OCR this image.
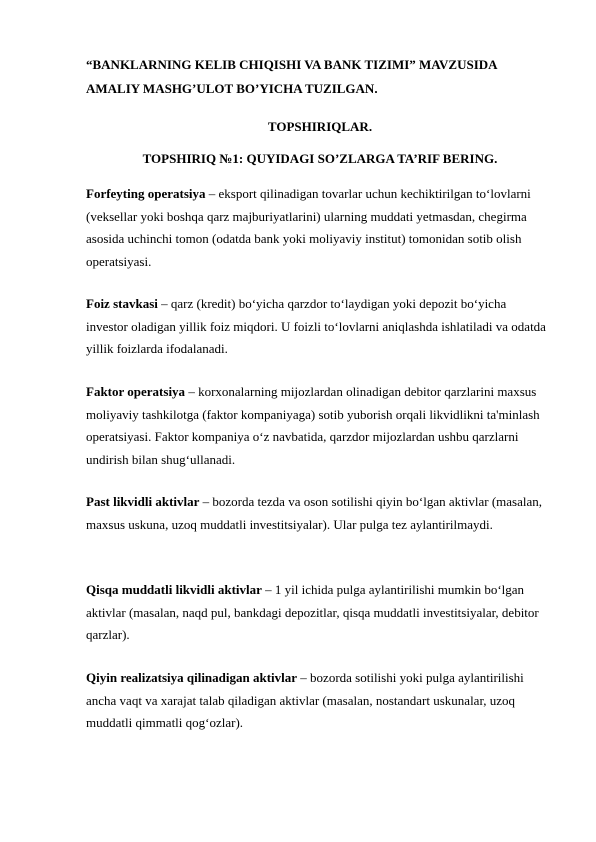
“BANKLARNING KELIB CHIQISHI VA BANK TIZIMI” MAVZUSIDA
AMALIY MASHG’ULOT BO’YICHA TUZILGAN.

TOPSHIRIQLAR.

TOPSHIRIQ №1: QUYIDAGI SO’ZLARGA TA’RIF BERING.

Forfeyting operatsiya – eksport qilinadigan tovarlar uchun kechiktirilgan to‘lovlarni (veksellar yoki boshqa qarz majburiyatlarini) ularning muddati yetmasdan, chegirma asosida uchinchi tomon (odatda bank yoki moliyaviy institut) tomonidan sotib olish operatsiyasi.

Foiz stavkasi – qarz (kredit) bo‘yicha qarzdor to‘laydigan yoki depozit bo‘yicha investor oladigan yillik foiz miqdori. U foizli to‘lovlarni aniqlashda ishlatiladi va odatda yillik foizlarda ifodalanadi.

Faktor operatsiya – korxonalarning mijozlardan olinadigan debitor qarzlarini maxsus moliyaviy tashkilotga (faktor kompaniyaga) sotib yuborish orqali likvidlikni ta'minlash operatsiyasi. Faktor kompaniya o‘z navbatida, qarzdor mijozlardan ushbu qarzlarni undirish bilan shug‘ullanadi.

Past likvidli aktivlar – bozorda tezda va oson sotilishi qiyin bo‘lgan aktivlar (masalan, maxsus uskuna, uzoq muddatli investitsiyalar). Ular pulga tez aylantirilmaydi.

Qisqa muddatli likvidli aktivlar – 1 yil ichida pulga aylantirilishi mumkin bo‘lgan aktivlar (masalan, naqd pul, bankdagi depozitlar, qisqa muddatli investitsiyalar, debitor qarzlar).

Qiyin realizatsiya qilinadigan aktivlar – bozorda sotilishi yoki pulga aylantirilishi ancha vaqt va xarajat talab qiladigan aktivlar (masalan, nostandart uskunalar, uzoq muddatli qimmatli qog‘ozlar).
